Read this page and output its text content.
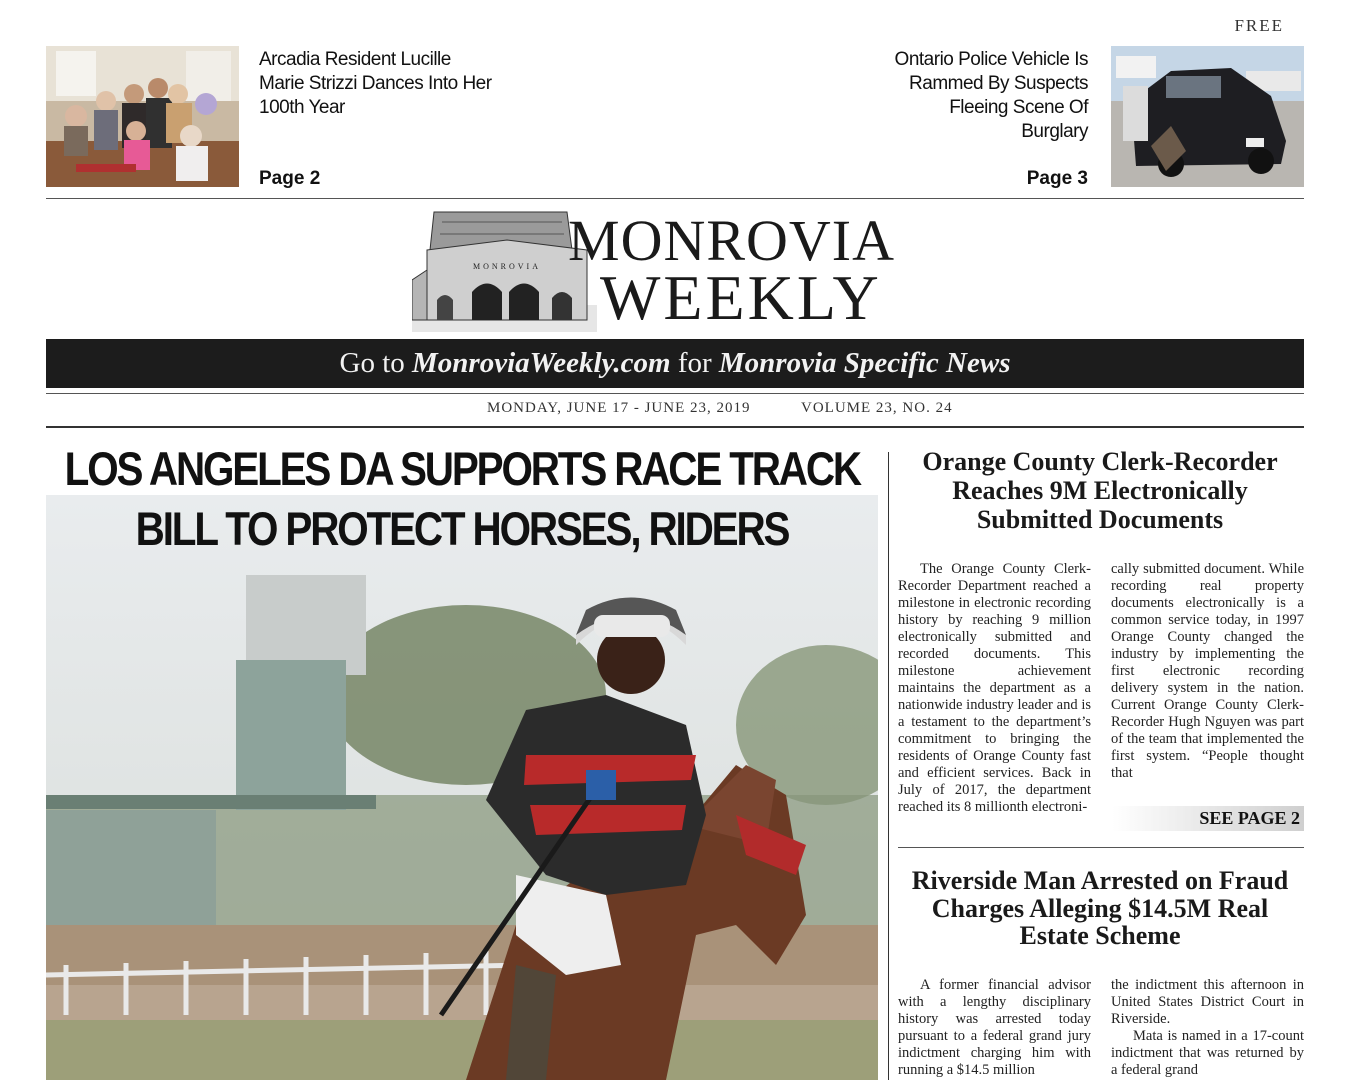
FREE
Arcadia Resident Lucille Marie Strizzi Dances Into Her 100th Year
Page 2
Ontario Police Vehicle Is Rammed By Suspects Fleeing Scene Of Burglary
Page 3
MONROVIA MONROVIA
WEEKLY
Go to MonroviaWeekly.com for Monrovia Specific News
MONDAY, JUNE 17 - JUNE 23, 2019	VOLUME 23, NO. 24
LOS ANGELES DA SUPPORTS RACE TRACK
BILL TO PROTECT HORSES, RIDERS
Orange County Clerk-Recorder Reaches 9M Electronically Submitted Documents

The Orange County Clerk-Recorder Department reached a milestone in electronic recording history by reaching 9 million electronically submitted and recorded documents. This milestone achievement maintains the department as a nationwide industry leader and is a testament to the department’s commitment to bringing the residents of Orange County fast and efficient services. Back in July of 2017, the department reached its 8 millionth electroni-

cally submitted document. While recording real property documents electronically is a common service today, in 1997 Orange County changed the industry by implementing the first electronic recording delivery system in the nation. Current Orange County Clerk-Recorder Hugh Nguyen was part of the team that implemented the first system. “People thought that
SEE PAGE 2
Riverside Man Arrested on Fraud Charges Alleging $14.5M Real Estate Scheme

A former financial advisor with a lengthy disciplinary history was arrested today pursuant to a federal grand jury indictment charging him with running a $14.5 million

the indictment this afternoon in United States District Court in Riverside.

Mata is named in a 17-count indictment that was returned by a federal grand
